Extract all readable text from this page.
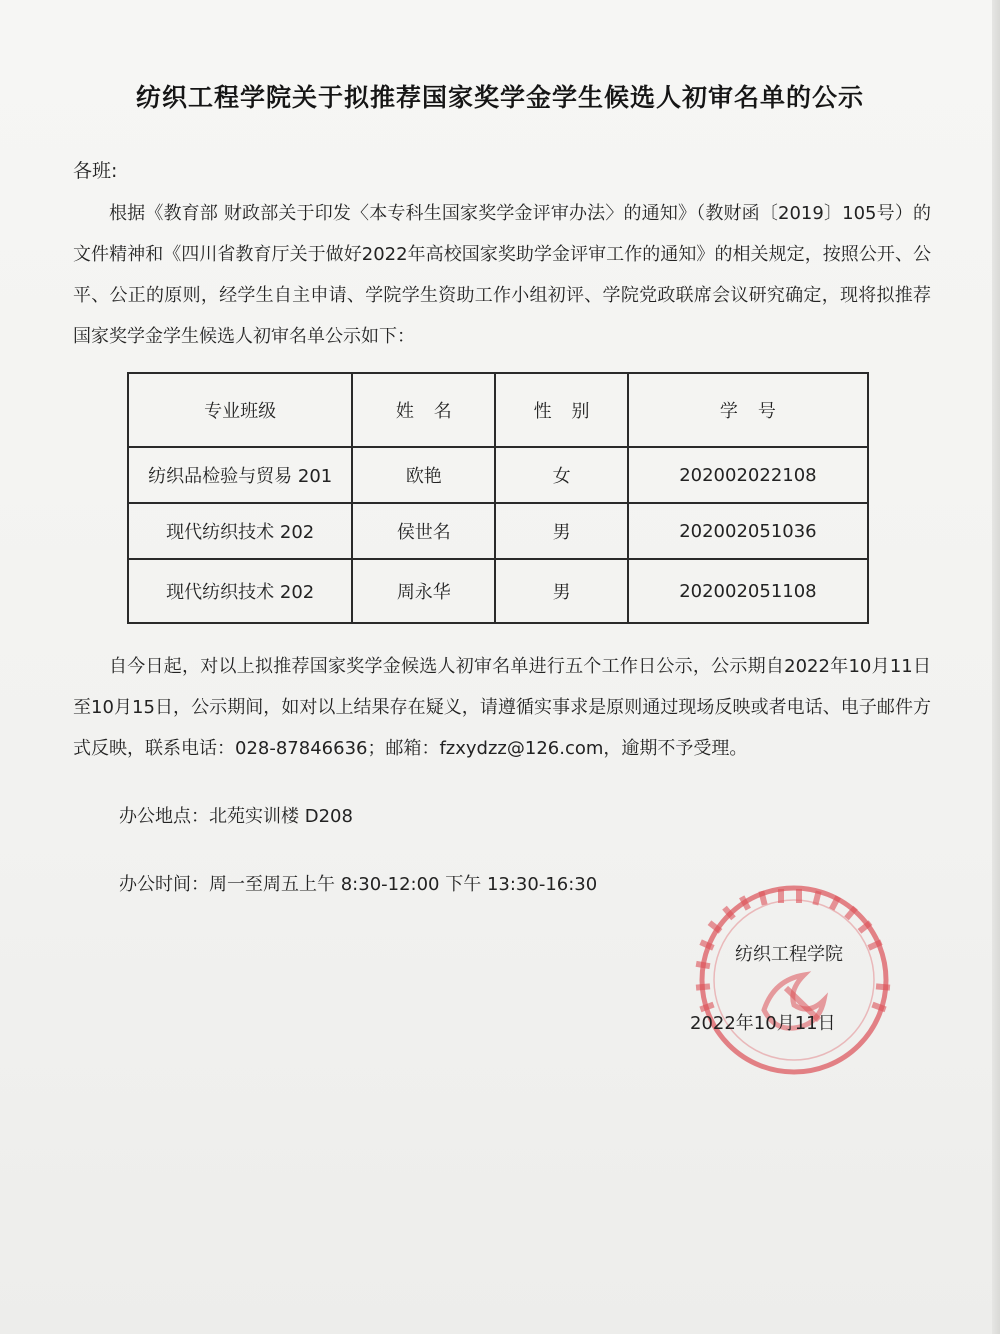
纺织工程学院关于拟推荐国家奖学金学生候选人初审名单的公示
各班:
根据《教育部 财政部关于印发〈本专科生国家奖学金评审办法〉的通知》（教财函〔2019〕105号）的文件精神和《四川省教育厅关于做好2022年高校国家奖助学金评审工作的通知》的相关规定，按照公开、公平、公正的原则，经学生自主申请、学院学生资助工作小组初评、学院党政联席会议研究确定，现将拟推荐国家奖学金学生候选人初审名单公示如下：
专业班级	姓名	性别	学号
纺织品检验与贸易 201	欧艳	女	202002022108
现代纺织技术 202	侯世名	男	202002051036
现代纺织技术 202	周永华	男	202002051108
自今日起，对以上拟推荐国家奖学金候选人初审名单进行五个工作日公示，公示期自2022年10月11日至10月15日，公示期间，如对以上结果存在疑义，请遵循实事求是原则通过现场反映或者电话、电子邮件方式反映，联系电话：028-87846636；邮箱：fzxydzz@126.com，逾期不予受理。
办公地点：北苑实训楼 D208
办公时间：周一至周五上午 8:30-12:00 下午 13:30-16:30
纺织工程学院
2022年10月11日
